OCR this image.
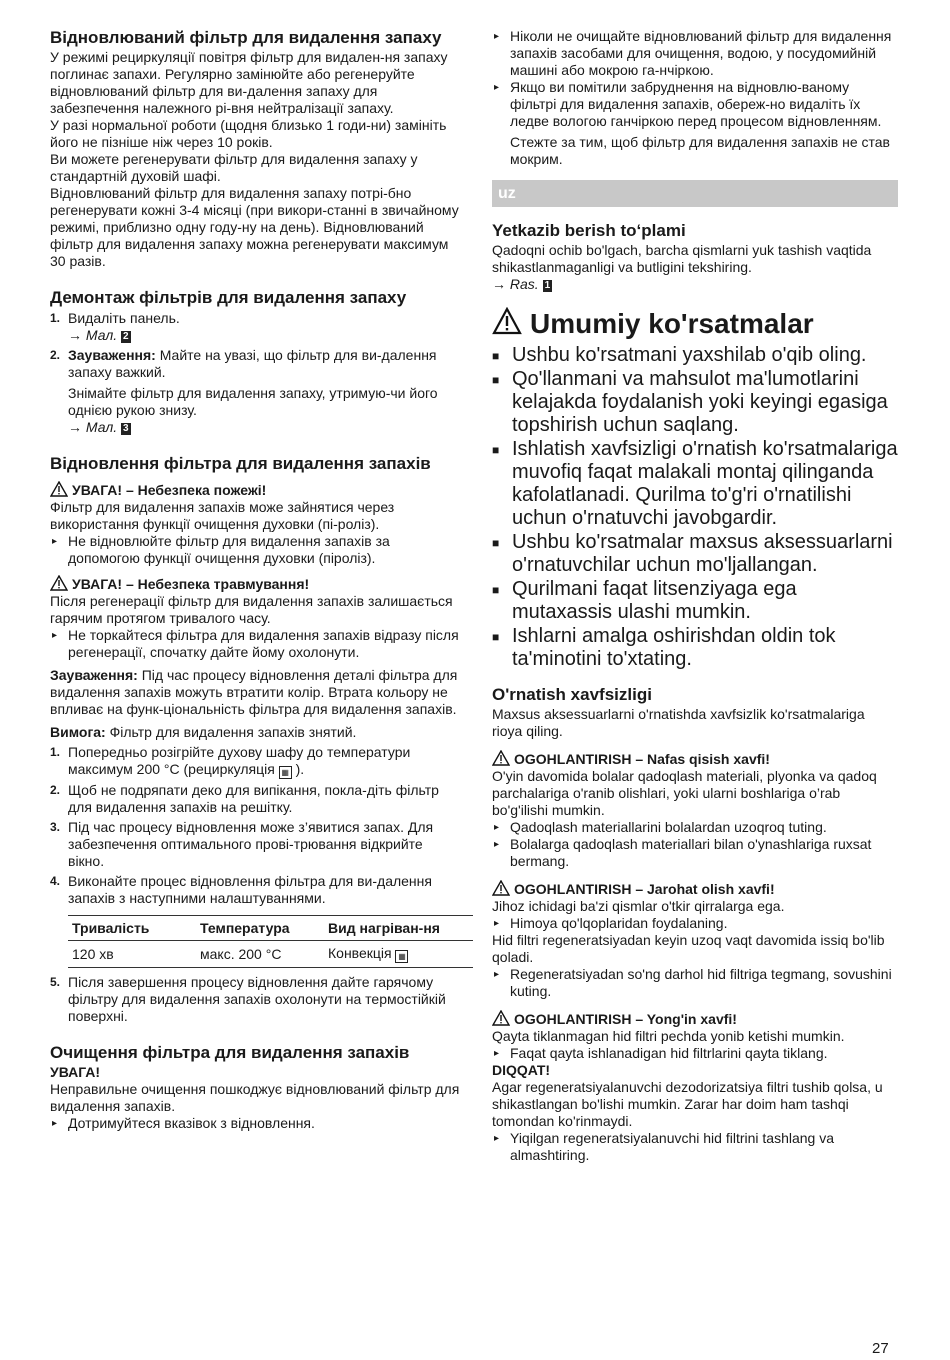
Відновлюваний фільтр для видалення запаху

У режимі рециркуляції повітря фільтр для видален-ня запаху поглинає запахи. Регулярно замінюйте або регенеруйте відновлюваний фільтр для ви-далення запаху для забезпечення належного рі-вня нейтралізації запаху.

У разі нормальної роботи (щодня близько 1 годи-ни) замініть його не пізніше ніж через 10 років.

Ви можете регенерувати фільтр для видалення запаху у стандартній духовій шафі.

Відновлюваний фільтр для видалення запаху потрі-бно регенерувати кожні 3-4 місяці (при викори-станні в звичайному режимі, приблизно одну году-ну на день). Відновлюваний фільтр для видалення запаху можна регенерувати максимум 30 разів.

Демонтаж фільтрів для видалення запаху
1. Видаліть панель.

→ Мал. 2

2. Зауваження: Майте на увазі, що фільтр для ви-далення запаху важкий.

Знімайте фільтр для видалення запаху, утримую-чи його однією рукою знизу.

→ Мал. 3

Відновлення фільтра для видалення запахів
УВАГА! – Небезпека пожежі!

Фільтр для видалення запахів може зайнятися через використання функції очищення духовки (пі-роліз).

▸ Не відновлюйте фільтр для видалення запахів за допомогою функції очищення духовки (піроліз).
УВАГА! – Небезпека травмування!

Після регенерації фільтр для видалення запахів залишається гарячим протягом тривалого часу.

▸ Не торкайтеся фільтра для видалення запахів відразу після регенерації, спочатку дайте йому охолонути.

Зауваження: Під час процесу відновлення деталі фільтра для видалення запахів можуть втратити колір. Втрата кольору не впливає на функ-ціональність фільтра для видалення запахів.

Вимога: Фільтр для видалення запахів знятий.

1. Попередньо розігрійте духову шафу до температури максимум 200 °C (рециркуляція ▦ ).
2. Щоб не подряпати деко для випікання, покла-діть фільтр для видалення запахів на решітку.
3. Під час процесу відновлення може з’явитися запах. Для забезпечення оптимального прові-трювання відкрийте вікно.
4. Виконайте процес відновлення фільтра для ви-далення запахів з наступними налаштуваннями.
Тривалість	Температура	Вид нагріван-ня
120 хв	макс. 200 °C	Конвекція ▦
5. Після завершення процесу відновлення дайте гарячому фільтру для видалення запахів охолонути на термостійкій поверхні.
Очищення фільтра для видалення запахів

УВАГА!

Неправильне очищення пошкоджує відновлюваний фільтр для видалення запахів.

▸ Дотримуйтеся вказівок з відновлення.
▸ Ніколи не очищайте відновлюваний фільтр для видалення запахів засобами для очищення, водою, у посудомийній машині або мокрою га-нчіркою.
▸ Якщо ви помітили забруднення на відновлю-ваному фільтрі для видалення запахів, обереж-но видаліть їх ледве вологою ганчіркою перед процесом відновленням.

Стежте за тим, щоб фільтр для видалення запахів не став мокрим.

uz
Yetkazib berish to‘plami

Qadoqni ochib bo'lgach, barcha qismlarni yuk tashish vaqtida shikastlanmaganligi va butligini tekshiring.

→ Ras. 1

Umumiy ko'rsatmalar
■ Ushbu ko'rsatmani yaxshilab o'qib oling.
■ Qo'llanmani va mahsulot ma'lumotlarini kelajakda foydalanish yoki keyingi egasiga topshirish uchun saqlang.
■ Ishlatish xavfsizligi o'rnatish ko'rsatmalariga muvofiq faqat malakali montaj qilinganda kafolatlanadi. Qurilma to'g'ri o'rnatilishi uchun o'rnatuvchi javobgardir.
■ Ushbu ko'rsatmalar maxsus aksessuarlarni o'rnatuvchilar uchun mo'ljallangan.
■ Qurilmani faqat litsenziyaga ega mutaxassis ulashi mumkin.
■ Ishlarni amalga oshirishdan oldin tok ta'minotini to'xtating.
O'rnatish xavfsizligi

Maxsus aksessuarlarni o'rnatishda xavfsizlik ko'rsatmalariga rioya qiling.

OGOHLANTIRISH – Nafas qisish xavfi!

O'yin davomida bolalar qadoqlash materiali, plyonka va qadoq parchalariga o'ranib olishlari, yoki ularni boshlariga o’rab bo'g'ilishi mumkin.

▸ Qadoqlash materiallarini bolalardan uzoqroq tuting.
▸ Bolalarga qadoqlash materiallari bilan o'ynashlariga ruxsat bermang.
OGOHLANTIRISH – Jarohat olish xavfi!

Jihoz ichidagi ba'zi qismlar o'tkir qirralarga ega.

▸ Himoya qo'lqoplaridan foydalaning.

Hid filtri regeneratsiyadan keyin uzoq vaqt davomida issiq bo'lib qoladi.

▸ Regeneratsiyadan so'ng darhol hid filtriga tegmang, sovushini kuting.
OGOHLANTIRISH – Yong'in xavfi!

Qayta tiklanmagan hid filtri pechda yonib ketishi mumkin.

▸ Faqat qayta ishlanadigan hid filtrlarini qayta tiklang.

DIQQAT!

Agar regeneratsiyalanuvchi dezodorizatsiya filtri tushib qolsa, u shikastlangan bo'lishi mumkin. Zarar har doim ham tashqi tomondan ko'rinmaydi.

▸ Yiqilgan regeneratsiyalanuvchi hid filtrini tashlang va almashtiring.
27
